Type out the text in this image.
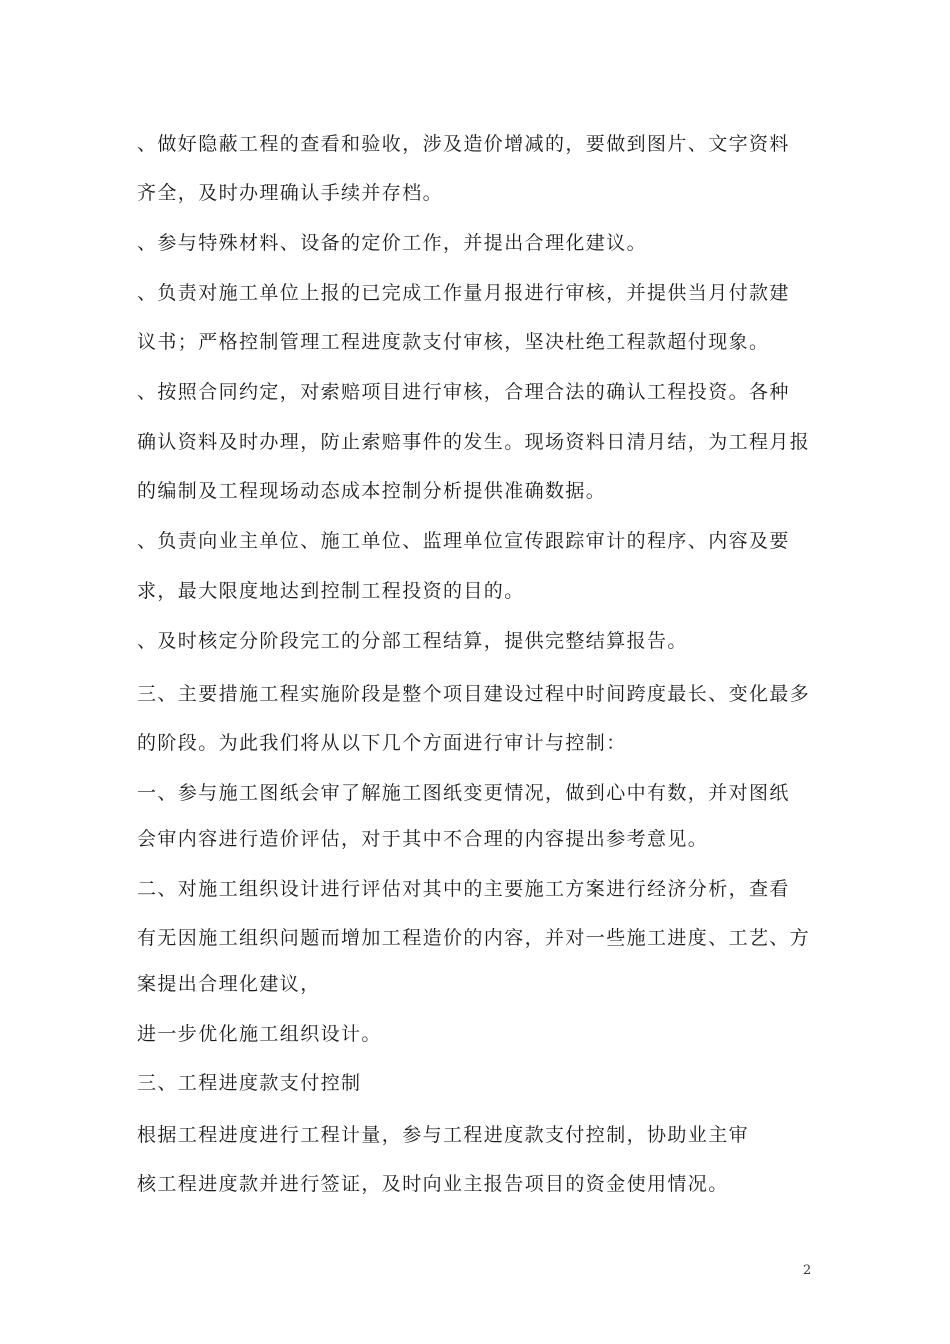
、做好隐蔽工程的查看和验收，涉及造价增减的，要做到图片、文字资料
齐全，及时办理确认手续并存档。
、参与特殊材料、设备的定价工作，并提出合理化建议。
、负责对施工单位上报的已完成工作量月报进行审核，并提供当月付款建
议书；严格控制管理工程进度款支付审核，坚决杜绝工程款超付现象。
、按照合同约定，对索赔项目进行审核，合理合法的确认工程投资。各种
确认资料及时办理，防止索赔事件的发生。现场资料日清月结，为工程月报
的编制及工程现场动态成本控制分析提供准确数据。
、负责向业主单位、施工单位、监理单位宣传跟踪审计的程序、内容及要
求，最大限度地达到控制工程投资的目的。
、及时核定分阶段完工的分部工程结算，提供完整结算报告。
三、主要措施工程实施阶段是整个项目建设过程中时间跨度最长、变化最多
的阶段。为此我们将从以下几个方面进行审计与控制：
一、参与施工图纸会审了解施工图纸变更情况，做到心中有数，并对图纸
会审内容进行造价评估，对于其中不合理的内容提出参考意见。
二、对施工组织设计进行评估对其中的主要施工方案进行经济分析，查看
有无因施工组织问题而增加工程造价的内容，并对一些施工进度、工艺、方
案提出合理化建议，
进一步优化施工组织设计。
三、工程进度款支付控制
根据工程进度进行工程计量，参与工程进度款支付控制，协助业主审
核工程进度款并进行签证，及时向业主报告项目的资金使用情况。
2
